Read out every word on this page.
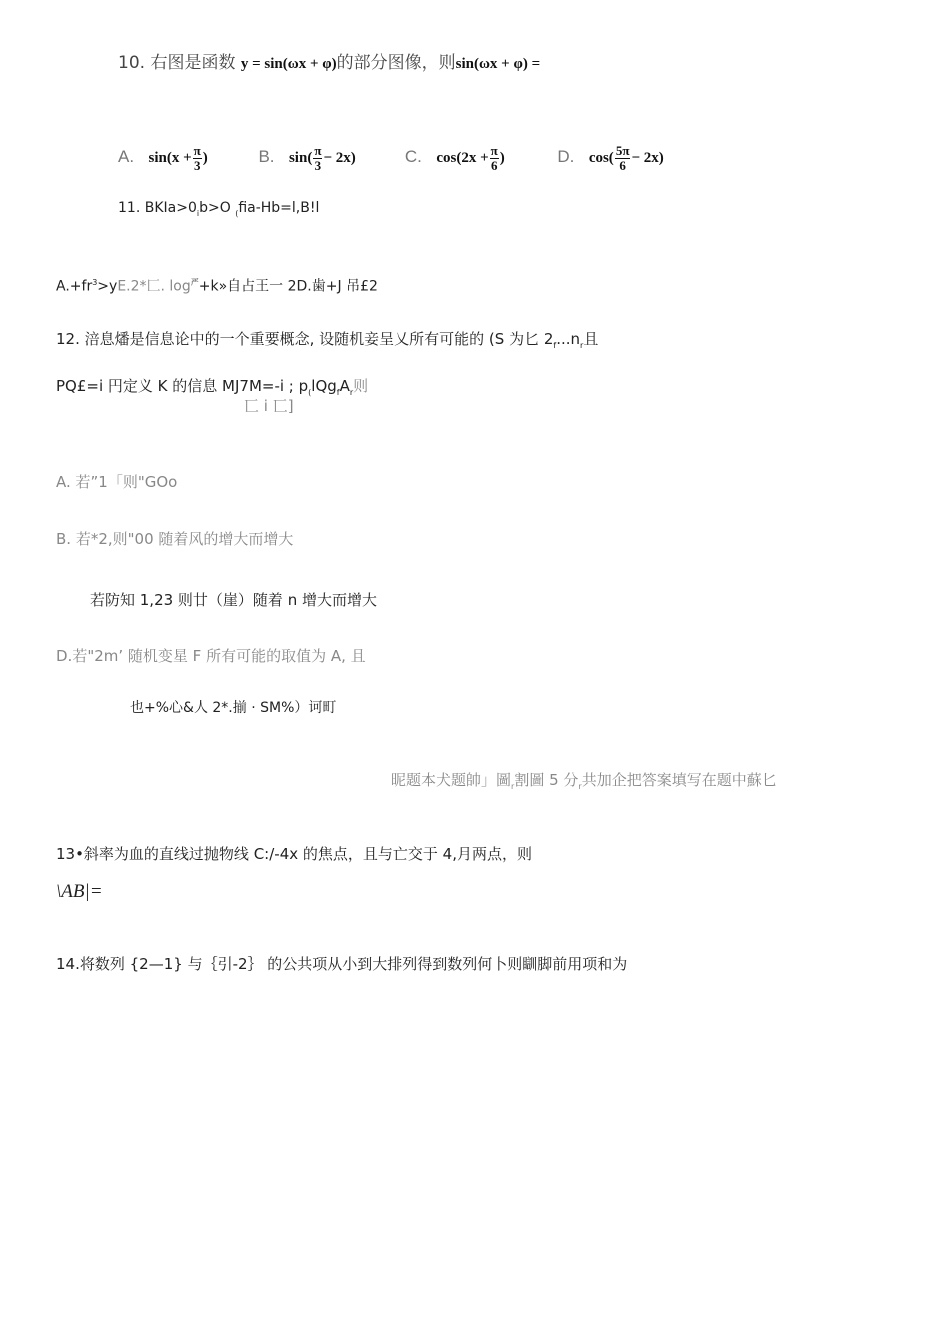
10. 右图是函数 y = sin(ωx + φ)的部分图像，则sin(ωx + φ) =
A. $\sin(x + \frac{\pi}{3}$ )	B. $\sin( \frac{\pi}{3} - 2x)$	C. $\cos(2x + \frac{\pi}{6}$ )	D. $\cos( \frac{5\pi}{6} - 2x)$
11. $BKIa>0_ib>O$ $_($fia-Hb=l,B!l
$A.+fr^3>yE.2*$匚. $\log^严+k$»自占王一 2D.歯+J 吊£2
12. 涪息燔是信息论中的一个重要概念, 设随机妾呈乂所有可能的 (S 为匕 $2_f...n_r$且
PQ£=i 円定义 K 的信息 MJ7M=-i ; $p_(lQg_fA_r$则
匸 i 匸]
A. 若”1「则"GOo
B. 若*2,则"00 随着风的增大而增大
若防知 1,23 则廿（崖）随着 n 增大而增大
D.若"2m’ 随机变星 F 所有可能的取值为 A, 且
也+%心&人 2*.揃 · SM%）诃町
昵题本犬题帥」圖$_r$割圖 5 分$_r$共加企把答案填写在题中蘇匕
13•斜率为血的直线过抛物线 C:/-4x 的焦点，且与亡交于 4,月两点，则
\AB|=
14.将数列 {2—1} 与｛引-2｝ 的公共项从小到大排列得到数列何卜则瞓脚前用项和为
